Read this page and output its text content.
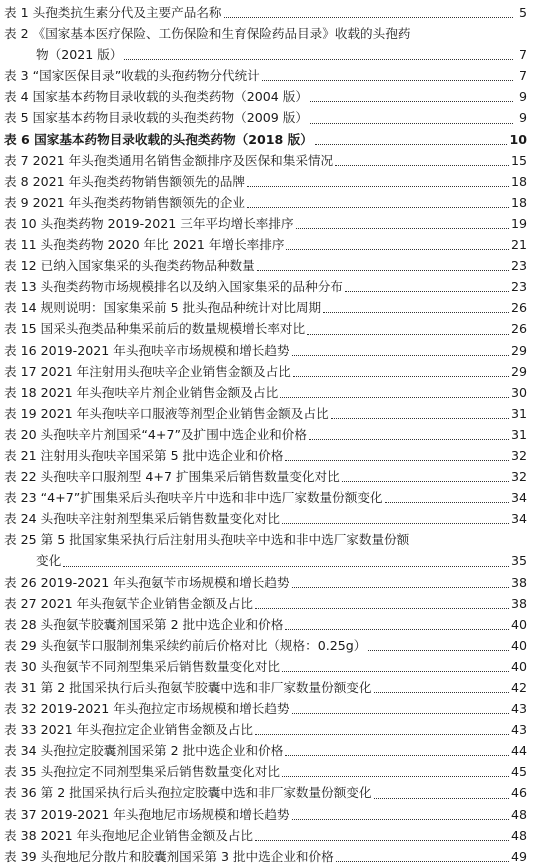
表 1 头孢类抗生素分代及主要产品名称	5
表 2 《国家基本医疗保险、工伤保险和生育保险药品目录》收载的头孢药
物（2021 版）	7
表 3 “国家医保目录”收载的头孢药物分代统计	7
表 4 国家基本药物目录收载的头孢类药物（2004 版）	9
表 5 国家基本药物目录收载的头孢类药物（2009 版）	9
表 6 国家基本药物目录收载的头孢类药物（2018 版）	10
表 7 2021 年头孢类通用名销售金额排序及医保和集采情况	15
表 8 2021 年头孢类药物销售额领先的品牌	18
表 9 2021 年头孢类药物销售额领先的企业	18
表 10 头孢类药物 2019-2021 三年平均增长率排序	19
表 11 头孢类药物 2020 年比 2021 年增长率排序	21
表 12 已纳入国家集采的头孢类药物品种数量	23
表 13 头孢类药物市场规模排名以及纳入国家集采的品种分布	23
表 14 规则说明：国家集采前 5 批头孢品种统计对比周期	26
表 15 国采头孢类品种集采前后的数量规模增长率对比	26
表 16 2019-2021 年头孢呋辛市场规模和增长趋势	29
表 17 2021 年注射用头孢呋辛企业销售金额及占比	29
表 18 2021 年头孢呋辛片剂企业销售金额及占比	30
表 19 2021 年头孢呋辛口服液等剂型企业销售金额及占比	31
表 20 头孢呋辛片剂国采“4+7”及扩围中选企业和价格	31
表 21 注射用头孢呋辛国采第 5 批中选企业和价格	32
表 22 头孢呋辛口服剂型 4+7 扩围集采后销售数量变化对比	32
表 23 “4+7”扩围集采后头孢呋辛片中选和非中选厂家数量份额变化	34
表 24 头孢呋辛注射剂型集采后销售数量变化对比	34
表 25 第 5 批国家集采执行后注射用头孢呋辛中选和非中选厂家数量份额
变化	35
表 26 2019-2021 年头孢氨苄市场规模和增长趋势	38
表 27 2021 年头孢氨苄企业销售金额及占比	38
表 28 头孢氨苄胶囊剂国采第 2 批中选企业和价格	40
表 29 头孢氨苄口服制剂集采续约前后价格对比（规格：0.25g）	40
表 30 头孢氨苄不同剂型集采后销售数量变化对比	40
表 31 第 2 批国采执行后头孢氨苄胶囊中选和非厂家数量份额变化	42
表 32 2019-2021 年头孢拉定市场规模和增长趋势	43
表 33 2021 年头孢拉定企业销售金额及占比	43
表 34 头孢拉定胶囊剂国采第 2 批中选企业和价格	44
表 35 头孢拉定不同剂型集采后销售数量变化对比	45
表 36 第 2 批国采执行后头孢拉定胶囊中选和非厂家数量份额变化	46
表 37 2019-2021 年头孢地尼市场规模和增长趋势	48
表 38 2021 年头孢地尼企业销售金额及占比	48
表 39 头孢地尼分散片和胶囊剂国采第 3 批中选企业和价格	49
